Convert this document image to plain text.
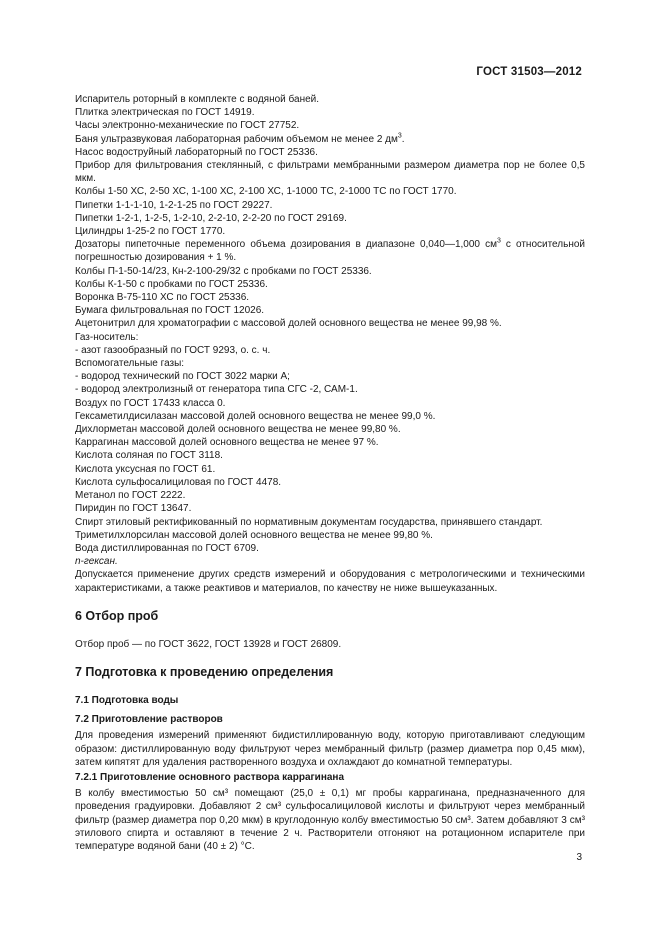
ГОСТ 31503—2012

Испаритель роторный в комплекте с водяной баней.

Плитка электрическая по ГОСТ 14919.

Часы электронно-механические по ГОСТ 27752.

Баня ультразвуковая лабораторная рабочим объемом не менее 2 $дм^3$.

Насос водоструйный лабораторный по ГОСТ 25336.

Прибор для фильтрования стеклянный, с фильтрами мембранными размером диаметра пор не более 0,5 мкм.

Колбы 1-50 ХС, 2-50 ХС, 1-100 ХС, 2-100 ХС, 1-1000 ТС, 2-1000 ТС по ГОСТ 1770.

Пипетки 1-1-1-10, 1-2-1-25 по ГОСТ 29227.

Пипетки 1-2-1, 1-2-5, 1-2-10, 2-2-10, 2-2-20 по ГОСТ 29169.

Цилиндры 1-25-2 по ГОСТ 1770.

Дозаторы пипеточные переменного объема дозирования в диапазоне 0,040—1,000 $см^3$ с относительной погрешностью дозирования + 1 %.

Колбы П-1-50-14/23, Кн-2-100-29/32 с пробками по ГОСТ 25336.

Колбы К-1-50 с пробками по ГОСТ 25336.

Воронка В-75-110 ХС по ГОСТ 25336.

Бумага фильтровальная по ГОСТ 12026.

Ацетонитрил для хроматографии с массовой долей основного вещества не менее 99,98 %.

Газ-носитель:

- азот газообразный по ГОСТ 9293, о. с. ч.

Вспомогательные газы:

- водород технический по ГОСТ 3022 марки А;

- водород электролизный от генератора типа СГС -2, САМ-1.

Воздух по ГОСТ 17433 класса 0.

Гексаметилдисилазан массовой долей основного вещества не менее 99,0 %.

Дихлорметан массовой долей основного вещества не менее 99,80 %.

Каррагинан массовой долей основного вещества не менее 97 %.

Кислота соляная по ГОСТ 3118.

Кислота уксусная по ГОСТ 61.

Кислота сульфосалициловая по ГОСТ 4478.

Метанол по ГОСТ 2222.

Пиридин по ГОСТ 13647.

Спирт этиловый ректификованный по нормативным документам государства, принявшего стандарт.

Триметилхлорсилан массовой долей основного вещества не менее 99,80 %.

Вода дистиллированная по ГОСТ 6709.

n-гексан.

Допускается применение других средств измерений и оборудования с метрологическими и техническими характеристиками, а также реактивов и материалов, по качеству не ниже вышеуказанных.

6 Отбор проб

Отбор проб — по ГОСТ 3622, ГОСТ 13928 и ГОСТ 26809.

7 Подготовка к проведению определения
7.1 Подготовка воды
7.2 Приготовление растворов

Для проведения измерений применяют бидистиллированную воду, которую приготавливают следующим образом: дистиллированную воду фильтруют через мембранный фильтр (размер диаметра пор 0,45 мкм), затем кипятят для удаления растворенного воздуха и охлаждают до комнатной температуры.

7.2.1 Приготовление основного раствора каррагинана

В колбу вместимостью 50 см³ помещают (25,0 ± 0,1) мг пробы каррагинана, предназначенного для проведения градуировки. Добавляют 2 см³ сульфосалициловой кислоты и фильтруют через мембранный фильтр (размер диаметра пор 0,20 мкм) в круглодонную колбу вместимостью 50 см³. Затем добавляют 3 см³ этилового спирта и оставляют в течение 2 ч. Растворители отгоняют на ротационном испарителе при температуре водяной бани (40 ± 2) °С.

3
